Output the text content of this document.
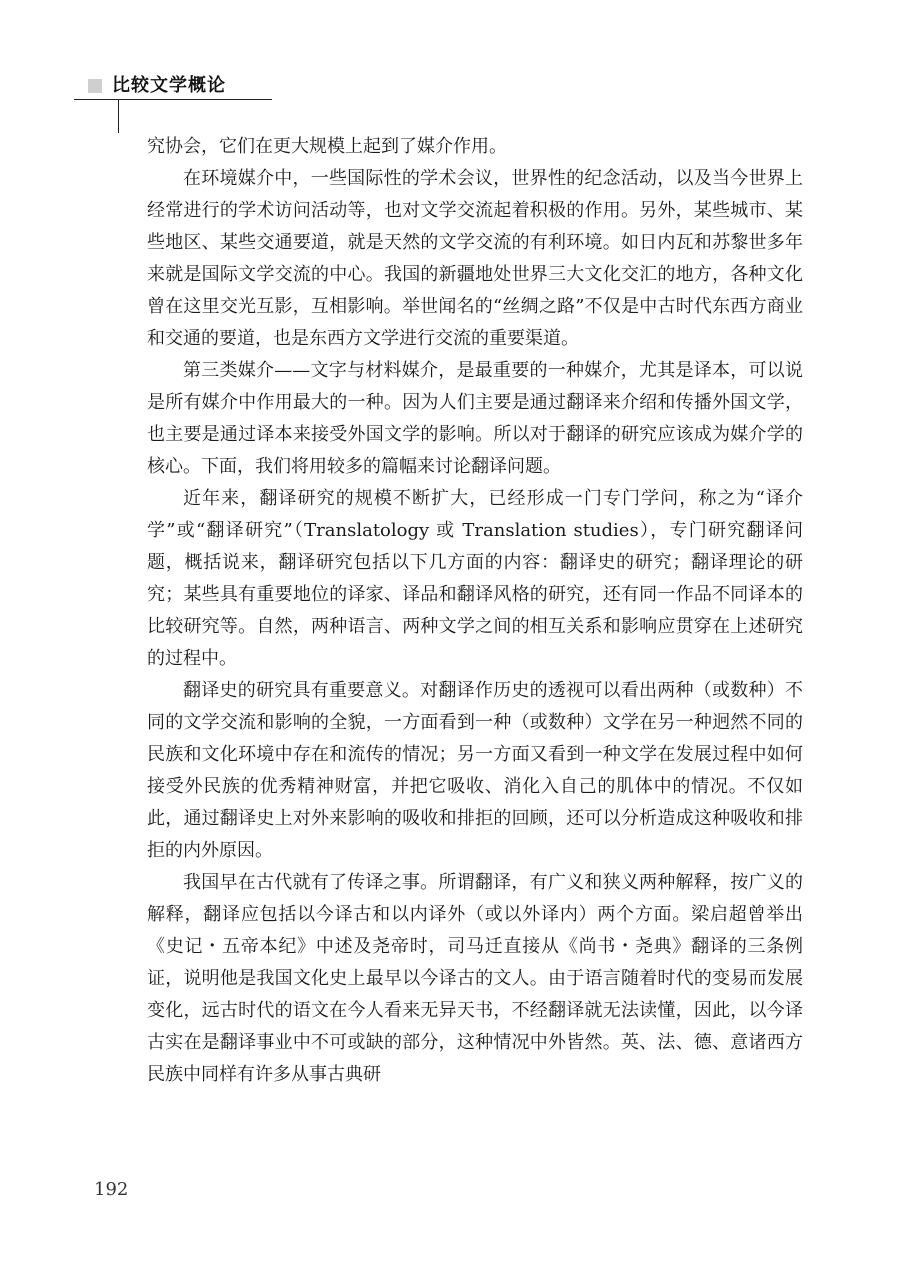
比较文学概论

究协会，它们在更大规模上起到了媒介作用。

在环境媒介中，一些国际性的学术会议，世界性的纪念活动，以及当今世界上经常进行的学术访问活动等，也对文学交流起着积极的作用。另外，某些城市、某些地区、某些交通要道，就是天然的文学交流的有利环境。如日内瓦和苏黎世多年来就是国际文学交流的中心。我国的新疆地处世界三大文化交汇的地方，各种文化曾在这里交光互影，互相影响。举世闻名的“丝绸之路”不仅是中古时代东西方商业和交通的要道，也是东西方文学进行交流的重要渠道。

第三类媒介——文字与材料媒介，是最重要的一种媒介，尤其是译本，可以说是所有媒介中作用最大的一种。因为人们主要是通过翻译来介绍和传播外国文学，也主要是通过译本来接受外国文学的影响。所以对于翻译的研究应该成为媒介学的核心。下面，我们将用较多的篇幅来讨论翻译问题。

近年来，翻译研究的规模不断扩大，已经形成一门专门学问，称之为“译介学”或“翻译研究”（Translatology 或 Translation studies），专门研究翻译问题，概括说来，翻译研究包括以下几方面的内容：翻译史的研究；翻译理论的研究；某些具有重要地位的译家、译品和翻译风格的研究，还有同一作品不同译本的比较研究等。自然，两种语言、两种文学之间的相互关系和影响应贯穿在上述研究的过程中。

翻译史的研究具有重要意义。对翻译作历史的透视可以看出两种（或数种）不同的文学交流和影响的全貌，一方面看到一种（或数种）文学在另一种迥然不同的民族和文化环境中存在和流传的情况；另一方面又看到一种文学在发展过程中如何接受外民族的优秀精神财富，并把它吸收、消化入自己的肌体中的情况。不仅如此，通过翻译史上对外来影响的吸收和排拒的回顾，还可以分析造成这种吸收和排拒的内外原因。

我国早在古代就有了传译之事。所谓翻译，有广义和狭义两种解释，按广义的解释，翻译应包括以今译古和以内译外（或以外译内）两个方面。梁启超曾举出《史记・五帝本纪》中述及尧帝时，司马迁直接从《尚书・尧典》翻译的三条例证，说明他是我国文化史上最早以今译古的文人。由于语言随着时代的变易而发展变化，远古时代的语文在今人看来无异天书，不经翻译就无法读懂，因此，以今译古实在是翻译事业中不可或缺的部分，这种情况中外皆然。英、法、德、意诸西方民族中同样有许多从事古典研

192
